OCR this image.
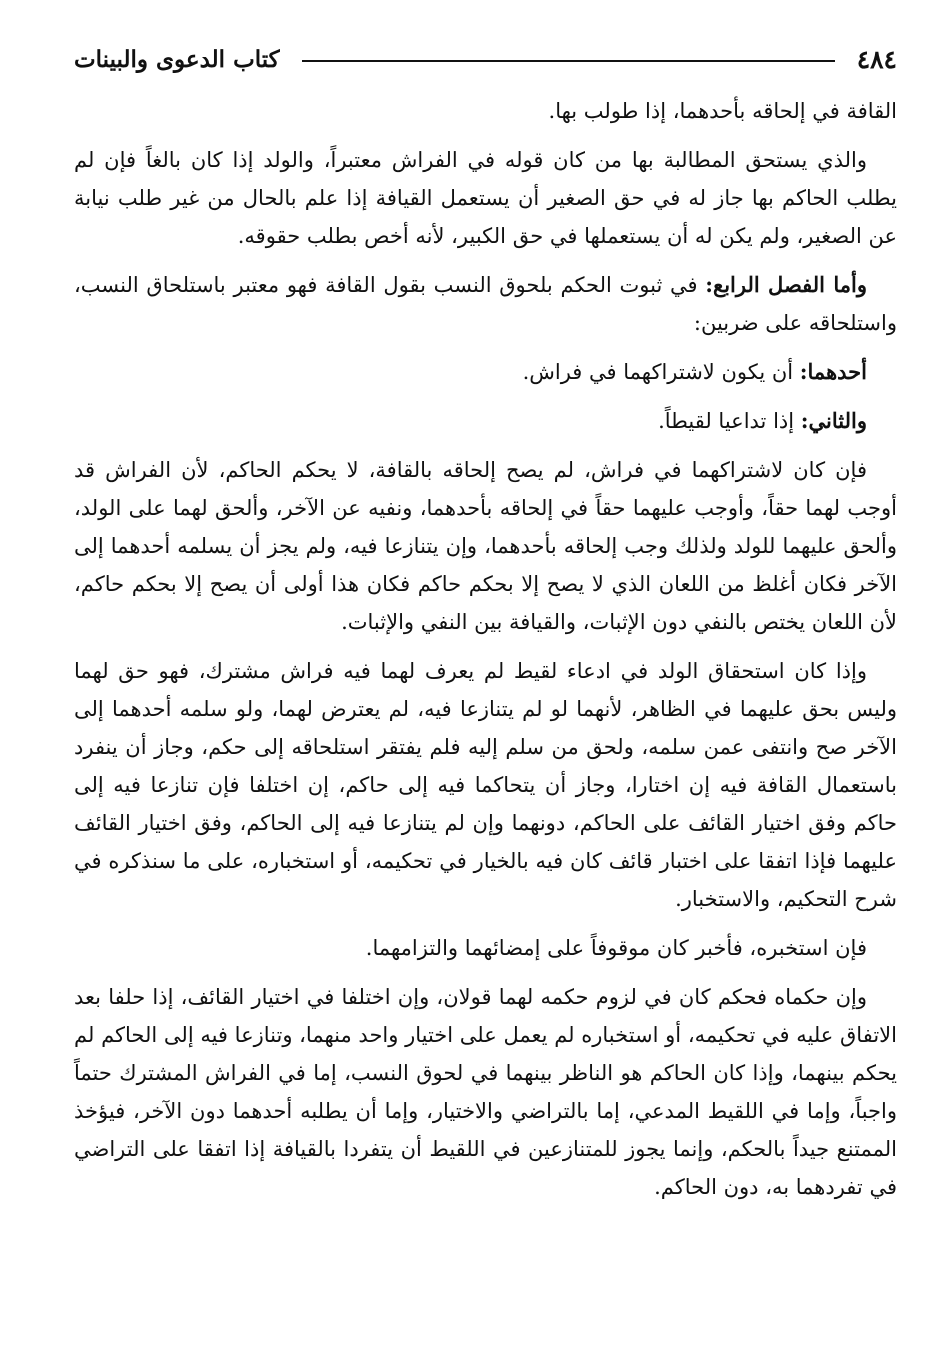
٤٨٤
كتاب الدعوى والبينات

القافة في إلحاقه بأحدهما، إذا طولب بها.

والذي يستحق المطالبة بها من كان قوله في الفراش معتبراً، والولد إذا كان بالغاً فإن لم يطلب الحاكم بها جاز له في حق الصغير أن يستعمل القيافة إذا علم بالحال من غير طلب نيابة عن الصغير، ولم يكن له أن يستعملها في حق الكبير، لأنه أخص بطلب حقوقه.

وأما الفصل الرابع: في ثبوت الحكم بلحوق النسب بقول القافة فهو معتبر باستلحاق النسب، واستلحاقه على ضربين:

أحدهما: أن يكون لاشتراكهما في فراش.

والثاني: إذا تداعيا لقيطاً.

فإن كان لاشتراكهما في فراش، لم يصح إلحاقه بالقافة، لا يحكم الحاكم، لأن الفراش قد أوجب لهما حقاً، وأوجب عليهما حقاً في إلحاقه بأحدهما، ونفيه عن الآخر، وألحق لهما على الولد، وألحق عليهما للولد ولذلك وجب إلحاقه بأحدهما، وإن يتنازعا فيه، ولم يجز أن يسلمه أحدهما إلى الآخر فكان أغلظ من اللعان الذي لا يصح إلا بحكم حاكم فكان هذا أولى أن يصح إلا بحكم حاكم، لأن اللعان يختص بالنفي دون الإثبات، والقيافة بين النفي والإثبات.

وإذا كان استحقاق الولد في ادعاء لقيط لم يعرف لهما فيه فراش مشترك، فهو حق لهما وليس بحق عليهما في الظاهر، لأنهما لو لم يتنازعا فيه، لم يعترض لهما، ولو سلمه أحدهما إلى الآخر صح وانتفى عمن سلمه، ولحق من سلم إليه فلم يفتقر استلحاقه إلى حكم، وجاز أن ينفرد باستعمال القافة فيه إن اختارا، وجاز أن يتحاكما فيه إلى حاكم، إن اختلفا فإن تنازعا فيه إلى حاكم وفق اختيار القائف على الحاكم، دونهما وإن لم يتنازعا فيه إلى الحاكم، وفق اختيار القائف عليهما فإذا اتفقا على اختبار قائف كان فيه بالخيار في تحكيمه، أو استخباره، على ما سنذكره في شرح التحكيم، والاستخبار.

فإن استخبره، فأخبر كان موقوفاً على إمضائهما والتزامهما.

وإن حكماه فحكم كان في لزوم حكمه لهما قولان، وإن اختلفا في اختيار القائف، إذا حلفا بعد الاتفاق عليه في تحكيمه، أو استخباره لم يعمل على اختيار واحد منهما، وتنازعا فيه إلى الحاكم لم يحكم بينهما، وإذا كان الحاكم هو الناظر بينهما في لحوق النسب، إما في الفراش المشترك حتماً واجباً، وإما في اللقيط المدعي، إما بالتراضي والاختيار، وإما أن يطلبه أحدهما دون الآخر، فيؤخذ الممتنع جيداً بالحكم، وإنما يجوز للمتنازعين في اللقيط أن يتفردا بالقيافة إذا اتفقا على التراضي في تفردهما به، دون الحاكم.
